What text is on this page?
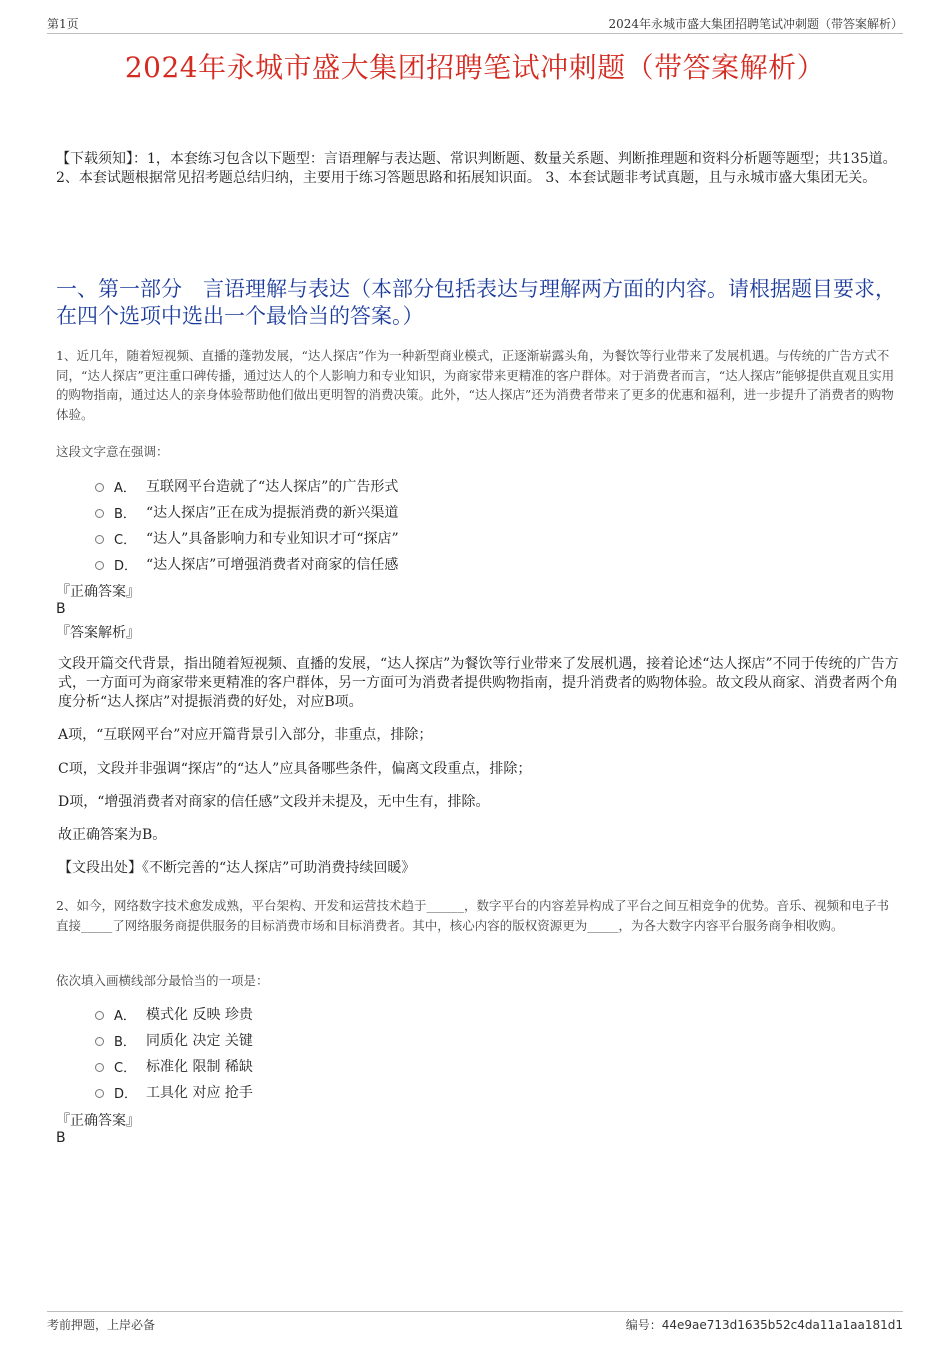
第1页	2024年永城市盛大集团招聘笔试冲刺题（带答案解析）
2024年永城市盛大集团招聘笔试冲刺题（带答案解析）
【下载须知】：1，本套练习包含以下题型：言语理解与表达题、常识判断题、数量关系题、判断推理题和资料分析题等题型；共135道。 2、本套试题根据常见招考题总结归纳，主要用于练习答题思路和拓展知识面。 3、本套试题非考试真题，且与永城市盛大集团无关。
一、第一部分　言语理解与表达（本部分包括表达与理解两方面的内容。请根据题目要求，在四个选项中选出一个最恰当的答案。）
1、近几年，随着短视频、直播的蓬勃发展，“达人探店”作为一种新型商业模式，正逐渐崭露头角，为餐饮等行业带来了发展机遇。与传统的广告方式不同，“达人探店”更注重口碑传播，通过达人的个人影响力和专业知识，为商家带来更精准的客户群体。对于消费者而言，“达人探店”能够提供直观且实用的购物指南，通过达人的亲身体验帮助他们做出更明智的消费决策。此外，“达人探店”还为消费者带来了更多的优惠和福利，进一步提升了消费者的购物体验。
这段文字意在强调：
A． 互联网平台造就了“达人探店”的广告形式
B． “达人探店”正在成为提振消费的新兴渠道
C． “达人”具备影响力和专业知识才可“探店”
D． “达人探店”可增强消费者对商家的信任感
『正确答案』
B
『答案解析』
文段开篇交代背景，指出随着短视频、直播的发展，“达人探店”为餐饮等行业带来了发展机遇，接着论述“达人探店”不同于传统的广告方式，一方面可为商家带来更精准的客户群体，另一方面可为消费者提供购物指南，提升消费者的购物体验。故文段从商家、消费者两个角度分析“达人探店”对提振消费的好处，对应B项。
A项，“互联网平台”对应开篇背景引入部分，非重点，排除；
C项，文段并非强调“探店”的“达人”应具备哪些条件，偏离文段重点，排除；
D项，“增强消费者对商家的信任感”文段并未提及，无中生有，排除。
故正确答案为B。
【文段出处】《不断完善的“达人探店”可助消费持续回暖》
2、如今，网络数字技术愈发成熟，平台架构、开发和运营技术趋于______，数字平台的内容差异构成了平台之间互相竞争的优势。音乐、视频和电子书直接_____了网络服务商提供服务的目标消费市场和目标消费者。其中，核心内容的版权资源更为_____，为各大数字内容平台服务商争相收购。
依次填入画横线部分最恰当的一项是：
A． 模式化 反映 珍贵
B． 同质化 决定 关键
C． 标准化 限制 稀缺
D． 工具化 对应 抢手
『正确答案』
B
考前押题，上岸必备	编号：44e9ae713d1635b52c4da11a1aa181d1
